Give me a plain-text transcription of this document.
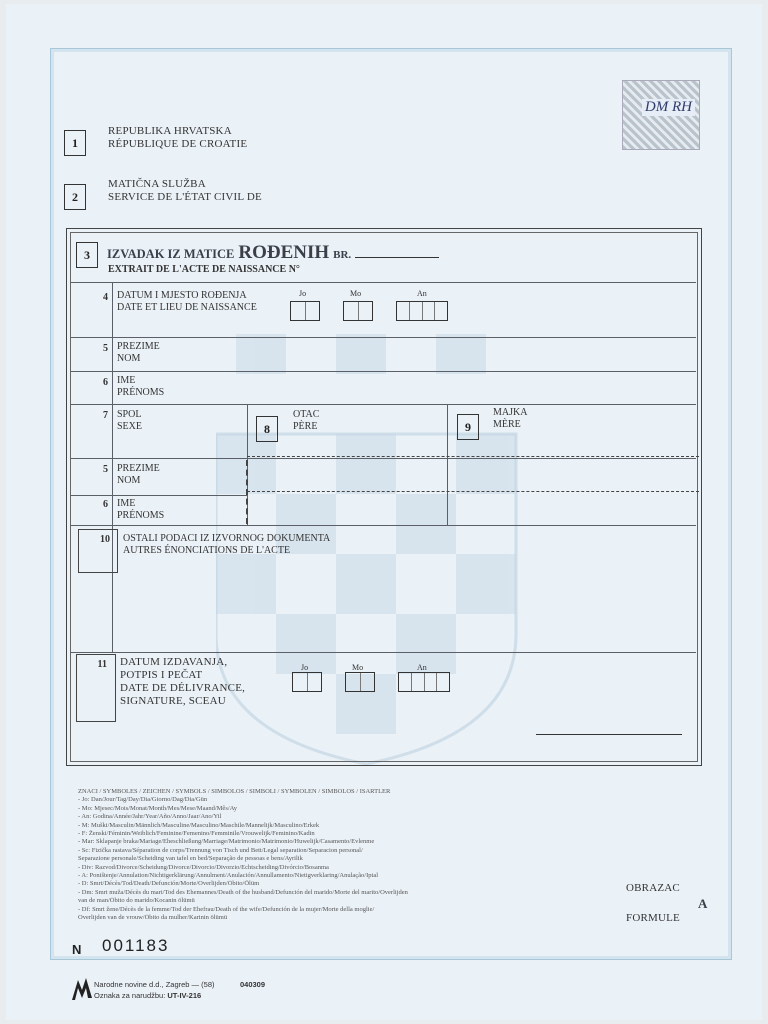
DM RH
1
REPUBLIKA HRVATSKA
RÉPUBLIQUE DE CROATIE
2
MATIČNA SLUŽBA
SERVICE DE L'ÉTAT CIVIL DE
3	IZVADAK IZ MATICE ROĐENIH BR.
EXTRAIT DE L'ACTE DE NAISSANCE N°
4 DATUM I MJESTO ROĐENJA
DATE ET LIEU DE NAISSANCE
Jo	Mo	An
5 PREZIME
NOM
6 IME
PRÉNOMS
7 SPOL
SEXE	8
OTAC
PÈRE	9
MAJKA
MÈRE
5 PREZIME
NOM
6 IME
PRÉNOMS
10 OSTALI PODACI IZ IZVORNOG DOKUMENTA
AUTRES ÉNONCIATIONS DE L'ACTE
11 DATUM IZDAVANJA,
POTPIS I PEČAT
DATE DE DÉLIVRANCE,
SIGNATURE, SCEAU
Jo	Mo	An
ZNACI / SYMBOLES / ZEICHEN / SYMBOLS / SIMBOLOS / SIMBOLI / SYMBOLEN / SIMBOLOS / ISARTLER
- Jo: Dan/Jour/Tag/Day/Dia/Giorno/Dag/Dia/Gün
- Mo: Mjesec/Mois/Monat/Month/Mes/Mese/Maand/Mês/Ay
- An: Godina/Année/Jahr/Year/Año/Anno/Jaar/Ano/Yil
- M: Muški/Masculin/Männlich/Masculine/Masculino/Maschile/Mannelijk/Masculino/Erkek
- F: Ženski/Féminin/Weiblich/Feminine/Femenino/Femminile/Vrouwelijk/Feminino/Kadin
- Mar: Sklapanje braka/Mariage/Eheschließung/Marriage/Matrimonio/Matrimonio/Huwelijk/Casamento/Evlenme
- Sc: Fizička rastava/Séparation de corps/Trennung von Tisch und Bett/Legal separation/Separacion personal/
Separazione personale/Scheiding van tafel en bed/Separação de pessoas e bens/Ayrilik
- Div: Razvod/Divorce/Scheidung/Divorce/Divorcio/Divorzio/Echtscheiding/Divórcio/Bosanma
- A: Poništenje/Annulation/Nichtigerklärung/Annulment/Anulación/Annullamento/Nietigverklaring/Anulação/Iptal
- D: Smrt/Décès/Tod/Death/Defunción/Morte/Overlijden/Óbito/Ölüm
- Dm: Smrt muža/Décès du mari/Tod des Ehemannes/Death of the husband/Defunción del marido/Morte del marito/Overlijden
van de man/Óbito do marido/Kocanin ölümü
- Df: Smrt žene/Décès de la femme/Tod der Ehefrau/Death of the wife/Defunción de la mujer/Morte della moglie/
Overlijden van de vrouw/Óbito da mulher/Karinin ölümü
OBRAZAC
A
FORMULE
N 001183
Narodne novine d.d., Zagreb — (58)	040309
Oznaka za narudžbu: UT-IV-216
